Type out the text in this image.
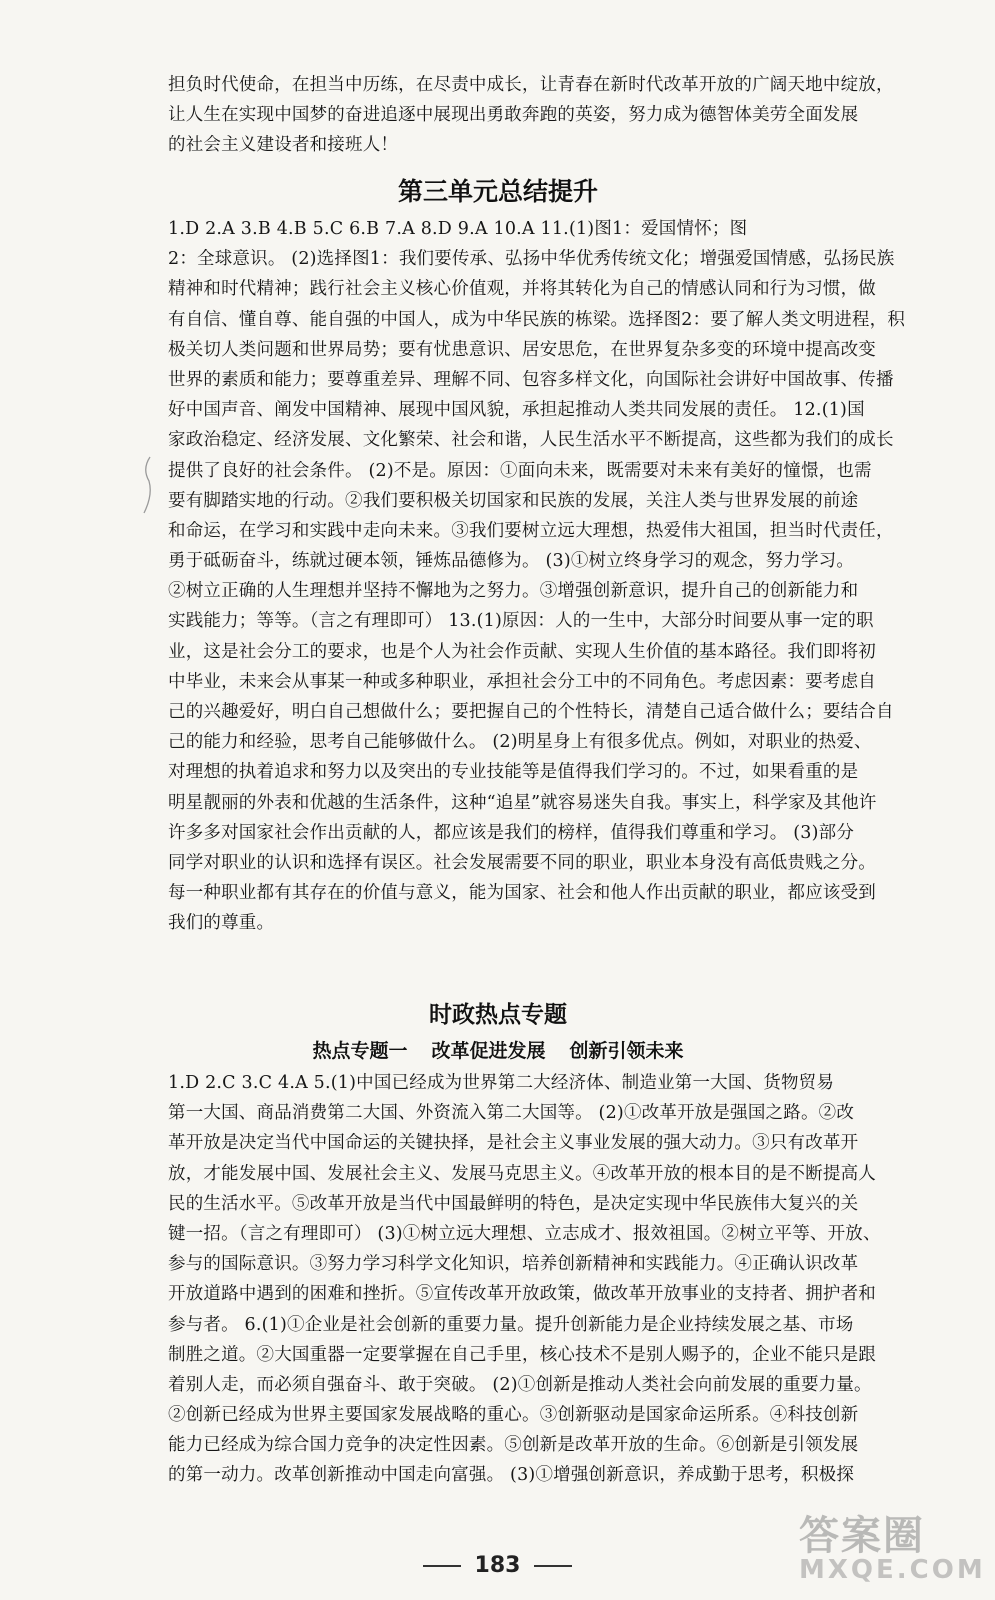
担负时代使命，在担当中历练，在尽责中成长，让青春在新时代改革开放的广阔天地中绽放，
让人生在实现中国梦的奋进追逐中展现出勇敢奔跑的英姿，努力成为德智体美劳全面发展
的社会主义建设者和接班人！
第三单元总结提升
1.D 2.A 3.B 4.B 5.C 6.B 7.A 8.D 9.A 10.A 11.(1)图1：爱国情怀；图
2：全球意识。 (2)选择图1：我们要传承、弘扬中华优秀传统文化；增强爱国情感，弘扬民族
精神和时代精神；践行社会主义核心价值观，并将其转化为自己的情感认同和行为习惯，做
有自信、懂自尊、能自强的中国人，成为中华民族的栋梁。选择图2：要了解人类文明进程，积
极关切人类问题和世界局势；要有忧患意识、居安思危，在世界复杂多变的环境中提高改变
世界的素质和能力；要尊重差异、理解不同、包容多样文化，向国际社会讲好中国故事、传播
好中国声音、阐发中国精神、展现中国风貌，承担起推动人类共同发展的责任。 12.(1)国
家政治稳定、经济发展、文化繁荣、社会和谐，人民生活水平不断提高，这些都为我们的成长
提供了良好的社会条件。 (2)不是。原因：①面向未来，既需要对未来有美好的憧憬，也需
要有脚踏实地的行动。②我们要积极关切国家和民族的发展，关注人类与世界发展的前途
和命运，在学习和实践中走向未来。③我们要树立远大理想，热爱伟大祖国，担当时代责任，
勇于砥砺奋斗，练就过硬本领，锤炼品德修为。 (3)①树立终身学习的观念，努力学习。
②树立正确的人生理想并坚持不懈地为之努力。③增强创新意识，提升自己的创新能力和
实践能力；等等。（言之有理即可） 13.(1)原因：人的一生中，大部分时间要从事一定的职
业，这是社会分工的要求，也是个人为社会作贡献、实现人生价值的基本路径。我们即将初
中毕业，未来会从事某一种或多种职业，承担社会分工中的不同角色。考虑因素：要考虑自
己的兴趣爱好，明白自己想做什么；要把握自己的个性特长，清楚自己适合做什么；要结合自
己的能力和经验，思考自己能够做什么。 (2)明星身上有很多优点。例如，对职业的热爱、
对理想的执着追求和努力以及突出的专业技能等是值得我们学习的。不过，如果看重的是
明星靓丽的外表和优越的生活条件，这种“追星”就容易迷失自我。事实上，科学家及其他许
许多多对国家社会作出贡献的人，都应该是我们的榜样，值得我们尊重和学习。 (3)部分
同学对职业的认识和选择有误区。社会发展需要不同的职业，职业本身没有高低贵贱之分。
每一种职业都有其存在的价值与意义，能为国家、社会和他人作出贡献的职业，都应该受到
我们的尊重。
时政热点专题
热点专题一 改革促进发展 创新引领未来
1.D 2.C 3.C 4.A 5.(1)中国已经成为世界第二大经济体、制造业第一大国、货物贸易
第一大国、商品消费第二大国、外资流入第二大国等。 (2)①改革开放是强国之路。②改
革开放是决定当代中国命运的关键抉择，是社会主义事业发展的强大动力。③只有改革开
放，才能发展中国、发展社会主义、发展马克思主义。④改革开放的根本目的是不断提高人
民的生活水平。⑤改革开放是当代中国最鲜明的特色，是决定实现中华民族伟大复兴的关
键一招。（言之有理即可） (3)①树立远大理想、立志成才、报效祖国。②树立平等、开放、
参与的国际意识。③努力学习科学文化知识，培养创新精神和实践能力。④正确认识改革
开放道路中遇到的困难和挫折。⑤宣传改革开放政策，做改革开放事业的支持者、拥护者和
参与者。 6.(1)①企业是社会创新的重要力量。提升创新能力是企业持续发展之基、市场
制胜之道。②大国重器一定要掌握在自己手里，核心技术不是别人赐予的，企业不能只是跟
着别人走，而必须自强奋斗、敢于突破。 (2)①创新是推动人类社会向前发展的重要力量。
②创新已经成为世界主要国家发展战略的重心。③创新驱动是国家命运所系。④科技创新
能力已经成为综合国力竞争的决定性因素。⑤创新是改革开放的生命。⑥创新是引领发展
的第一动力。改革创新推动中国走向富强。 (3)①增强创新意识，养成勤于思考，积极探
183
答案圈
MXQE.COM
